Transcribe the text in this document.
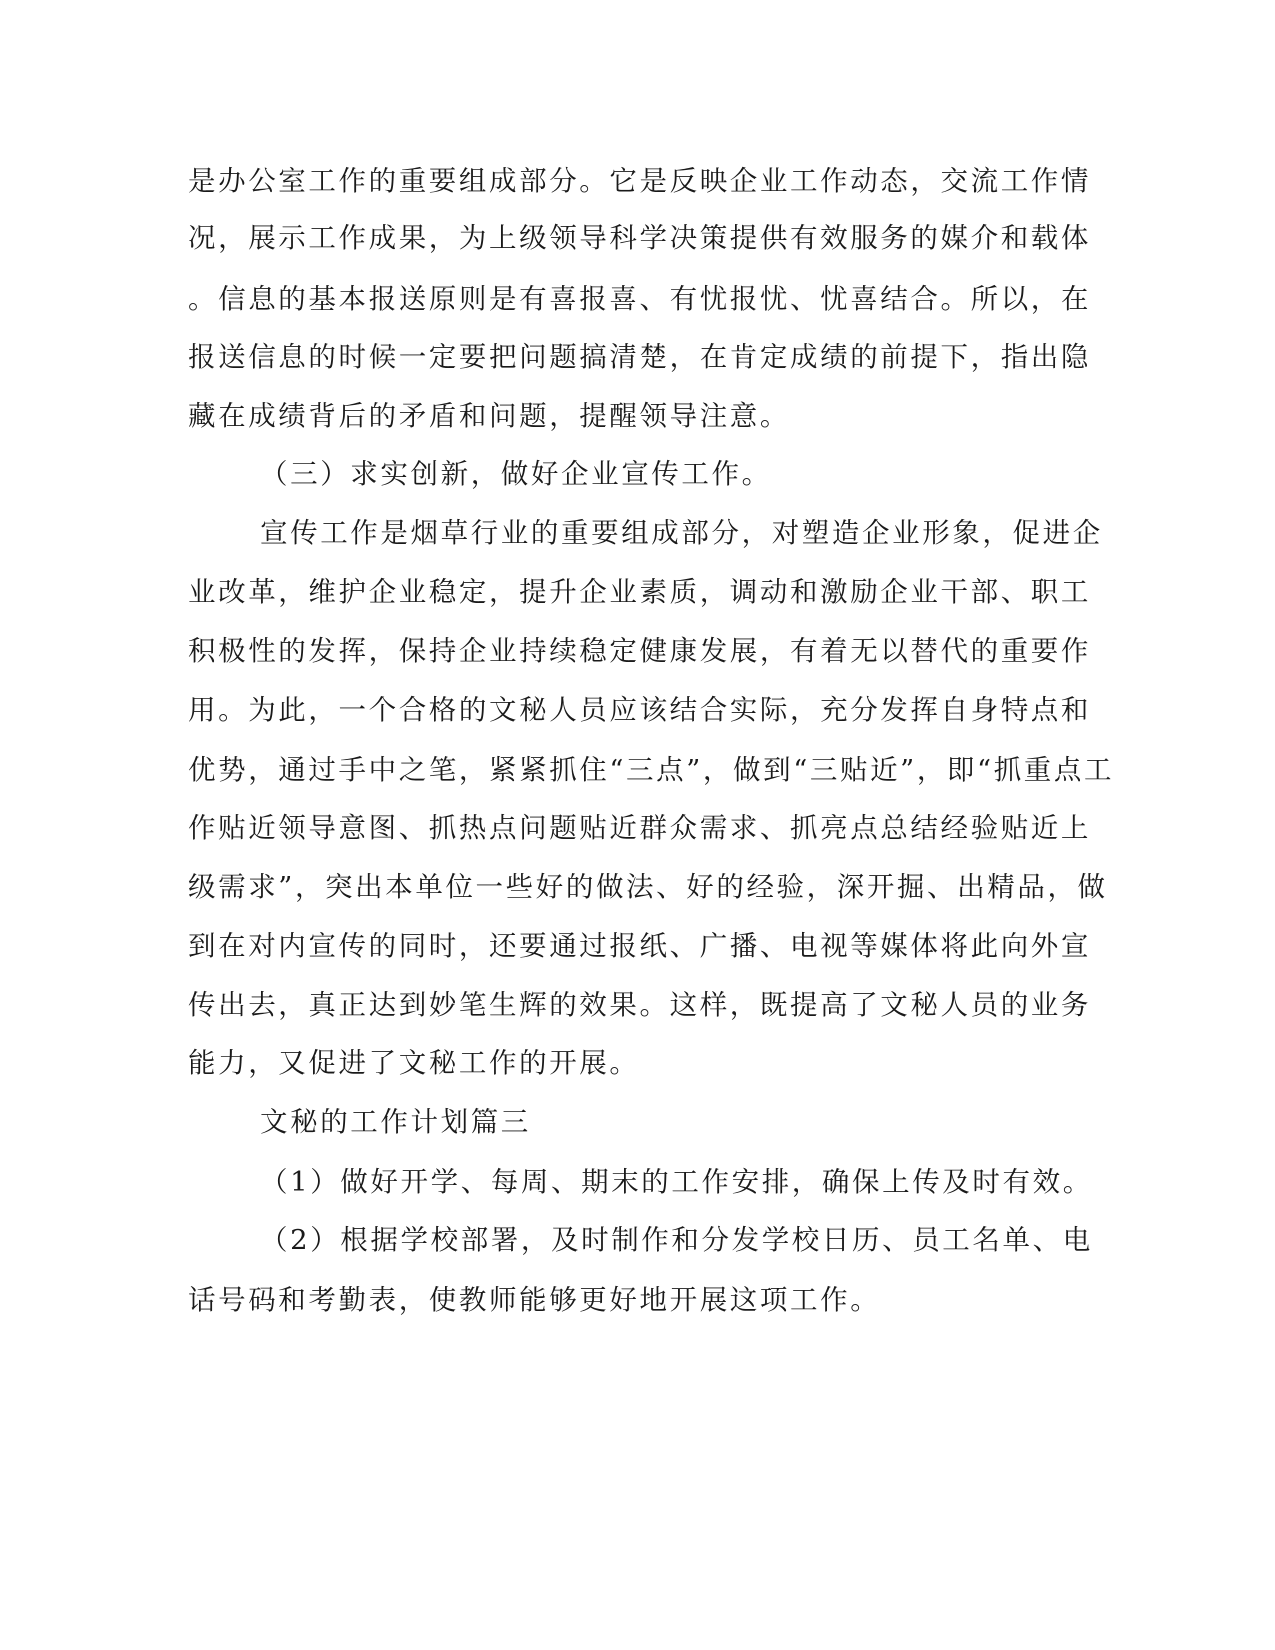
是办公室工作的重要组成部分。它是反映企业工作动态，交流工作情
况，展示工作成果，为上级领导科学决策提供有效服务的媒介和载体
。信息的基本报送原则是有喜报喜、有忧报忧、忧喜结合。所以，在
报送信息的时候一定要把问题搞清楚，在肯定成绩的前提下，指出隐
藏在成绩背后的矛盾和问题，提醒领导注意。
（三）求实创新，做好企业宣传工作。
宣传工作是烟草行业的重要组成部分，对塑造企业形象，促进企
业改革，维护企业稳定，提升企业素质，调动和激励企业干部、职工
积极性的发挥，保持企业持续稳定健康发展，有着无以替代的重要作
用。为此，一个合格的文秘人员应该结合实际，充分发挥自身特点和
优势，通过手中之笔，紧紧抓住“三点”，做到“三贴近”，即“抓重点工
作贴近领导意图、抓热点问题贴近群众需求、抓亮点总结经验贴近上
级需求”，突出本单位一些好的做法、好的经验，深开掘、出精品，做
到在对内宣传的同时，还要通过报纸、广播、电视等媒体将此向外宣
传出去，真正达到妙笔生辉的效果。这样，既提高了文秘人员的业务
能力，又促进了文秘工作的开展。
文秘的工作计划篇三
（1）做好开学、每周、期末的工作安排，确保上传及时有效。
（2）根据学校部署，及时制作和分发学校日历、员工名单、电
话号码和考勤表，使教师能够更好地开展这项工作。
